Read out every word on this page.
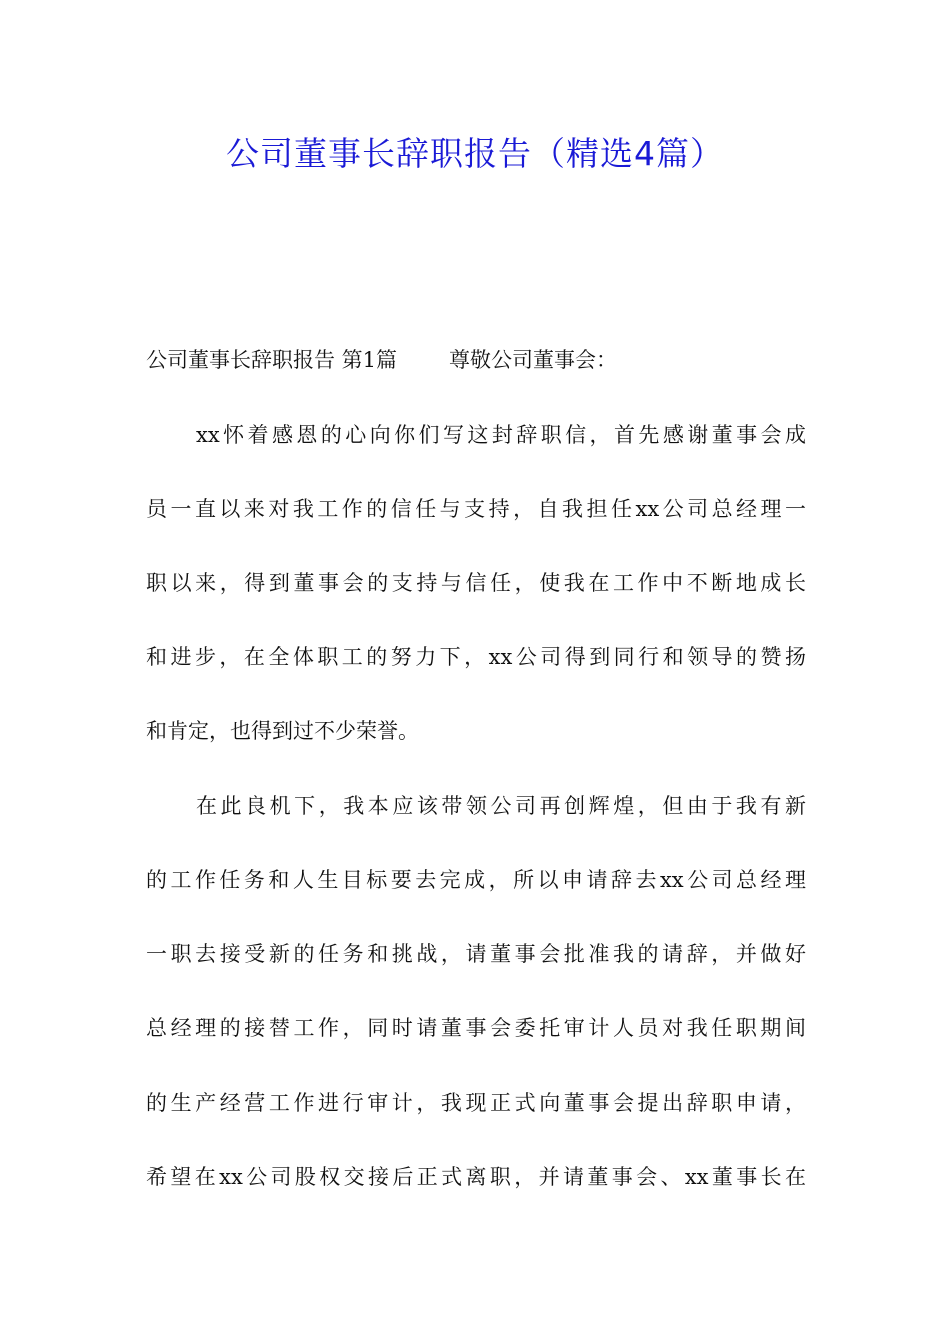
公司董事长辞职报告（精选4篇）
公司董事长辞职报告 第1篇 尊敬公司董事会：
xx怀着感恩的心向你们写这封辞职信，首先感谢董事会成
员一直以来对我工作的信任与支持，自我担任xx公司总经理一
职以来，得到董事会的支持与信任，使我在工作中不断地成长
和进步，在全体职工的努力下，xx公司得到同行和领导的赞扬
和肯定，也得到过不少荣誉。
在此良机下，我本应该带领公司再创辉煌，但由于我有新
的工作任务和人生目标要去完成，所以申请辞去xx公司总经理
一职去接受新的任务和挑战，请董事会批准我的请辞，并做好
总经理的接替工作，同时请董事会委托审计人员对我任职期间
的生产经营工作进行审计，我现正式向董事会提出辞职申请，
希望在xx公司股权交接后正式离职，并请董事会、xx董事长在
